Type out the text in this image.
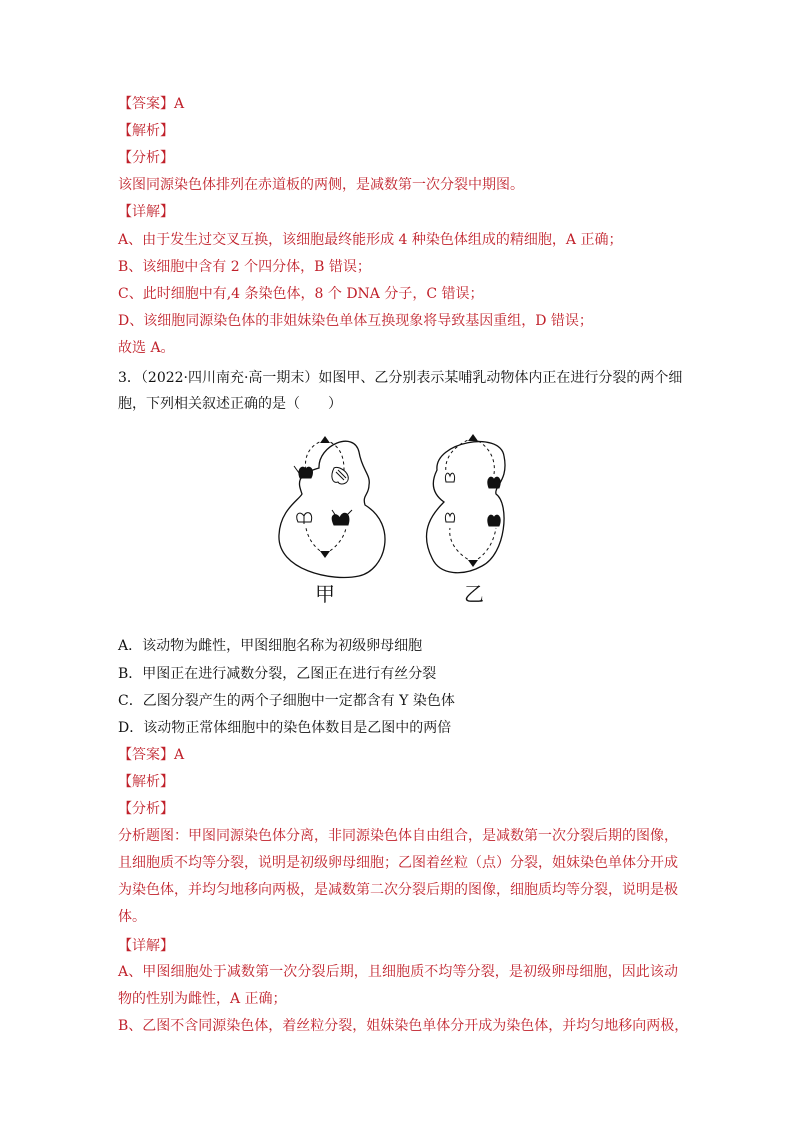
【答案】A
【解析】
【分析】
该图同源染色体排列在赤道板的两侧，是减数第一次分裂中期图。
【详解】
A、由于发生过交叉互换，该细胞最终能形成 4 种染色体组成的精细胞，A 正确；
B、该细胞中含有 2 个四分体，B 错误；
C、此时细胞中有,4 条染色体，8 个 DNA 分子，C 错误；
D、该细胞同源染色体的非姐妹染色单体互换现象将导致基因重组，D 错误；
故选 A。
3．（2022·四川南充·高一期末）如图甲、乙分别表示某哺乳动物体内正在进行分裂的两个细
胞，下列相关叙述正确的是（　　）
甲	乙
A．该动物为雌性，甲图细胞名称为初级卵母细胞
B．甲图正在进行减数分裂，乙图正在进行有丝分裂
C．乙图分裂产生的两个子细胞中一定都含有 Y 染色体
D．该动物正常体细胞中的染色体数目是乙图中的两倍
【答案】A
【解析】
【分析】
分析题图：甲图同源染色体分离，非同源染色体自由组合，是减数第一次分裂后期的图像，且细胞质不均等分裂，说明是初级卵母细胞；乙图着丝粒（点）分裂，姐妹染色单体分开成为染色体，并均匀地移向两极，是减数第二次分裂后期的图像，细胞质均等分裂，说明是极体。
【详解】
A、甲图细胞处于减数第一次分裂后期，且细胞质不均等分裂，是初级卵母细胞，因此该动物的性别为雌性，A 正确；
B、乙图不含同源染色体，着丝粒分裂，姐妹染色单体分开成为染色体，并均匀地移向两极，
